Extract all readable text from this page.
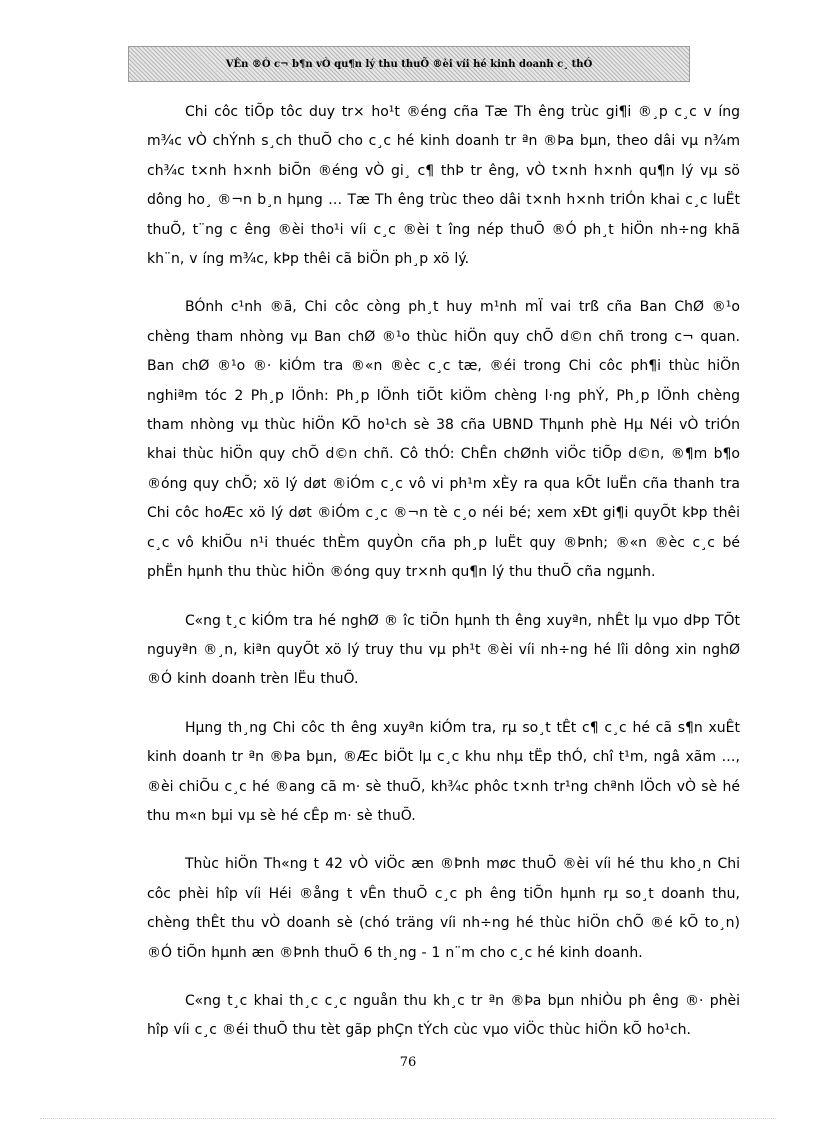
VÊn ®Ò c¬ b¶n vÒ qu¶n lý thu thuÕ ®èi víi hé kinh doanh c¸ thÓ

Chi côc tiÕp tôc duy tr× ho¹t ®éng cña Tæ Th êng trùc gi¶i ®¸p c¸c v íng m¾c vÒ chÝnh s¸ch thuÕ cho c¸c hé kinh doanh tr ªn ®Þa bµn, theo dâi vµ n¾m ch¾c t×nh h×nh biÕn ®éng vÒ gi¸ c¶ thÞ tr êng, vÒ t×nh h×nh qu¶n lý vµ sö dông ho¸ ®¬n b¸n hµng … Tæ Th êng trùc theo dâi t×nh h×nh triÓn khai c¸c luËt thuÕ, t¨ng c êng ®èi tho¹i víi c¸c ®èi t îng nép thuÕ ®Ó ph¸t hiÖn nh÷ng khã kh¨n, v íng m¾c, kÞp thêi cã biÖn ph¸p xö lý.

BÓnh c¹nh ®ã, Chi côc còng ph¸t huy m¹nh mÏ vai trß cña Ban ChØ ®¹o chèng tham nhòng vµ Ban chØ ®¹o thùc hiÖn quy chÕ d©n chñ trong c¬ quan. Ban chØ ®¹o ®· kiÓm tra ®«n ®èc c¸c tæ, ®éi trong Chi côc ph¶i thùc hiÖn nghiªm tóc 2 Ph¸p lÖnh: Ph¸p lÖnh tiÕt kiÖm chèng l·ng phÝ, Ph¸p lÖnh chèng tham nhòng vµ thùc hiÖn KÕ ho¹ch sè 38 cña UBND Thµnh phè Hµ Néi vÒ triÓn khai thùc hiÖn quy chÕ d©n chñ. Cô thÓ: ChÊn chØnh viÖc tiÕp d©n, ®¶m b¶o ®óng quy chÕ; xö lý døt ®iÓm c¸c vô vi ph¹m xÈy ra qua kÕt luËn cña thanh tra Chi côc hoÆc xö lý døt ®iÓm c¸c ®¬n tè c¸o néi bé; xem xÐt gi¶i quyÕt kÞp thêi c¸c vô khiÕu n¹i thuéc thÈm quyÒn cña ph¸p luËt quy ®Þnh; ®«n ®èc c¸c bé phËn hµnh thu thùc hiÖn ®óng quy tr×nh qu¶n lý thu thuÕ cña ngµnh.

C«ng t¸c kiÓm tra hé nghØ ® îc tiÕn hµnh th êng xuyªn, nhÊt lµ vµo dÞp TÕt nguyªn ®¸n, kiªn quyÕt xö lý truy thu vµ ph¹t ®èi víi nh÷ng hé lîi dông xin nghØ ®Ó kinh doanh trèn lËu thuÕ.

Hµng th¸ng Chi côc th êng xuyªn kiÓm tra, rµ so¸t tÊt c¶ c¸c hé cã s¶n xuÊt kinh doanh tr ªn ®Þa bµn, ®Æc biÖt lµ c¸c khu nhµ tËp thÓ, chî t¹m, ngâ xãm …, ®èi chiÕu c¸c hé ®ang cã m· sè thuÕ, kh¾c phôc t×nh tr¹ng chªnh lÖch vÒ sè hé thu m«n bµi vµ sè hé cÊp m· sè thuÕ.

Thùc hiÖn Th«ng t 42 vÒ viÖc æn ®Þnh møc thuÕ ®èi víi hé thu kho¸n Chi côc phèi hîp víi Héi ®ång t vÊn thuÕ c¸c ph êng tiÕn hµnh rµ so¸t doanh thu, chèng thÊt thu vÒ doanh sè (chó träng víi nh÷ng hé thùc hiÖn chÕ ®é kÕ to¸n) ®Ó tiÕn hµnh æn ®Þnh thuÕ 6 th¸ng - 1 n¨m cho c¸c hé kinh doanh.

C«ng t¸c khai th¸c c¸c nguån thu kh¸c tr ªn ®Þa bµn nhiÒu ph êng ®· phèi hîp víi c¸c ®éi thuÕ thu tèt gãp phÇn tÝch cùc vµo viÖc thùc hiÖn kÕ ho¹ch.

76
